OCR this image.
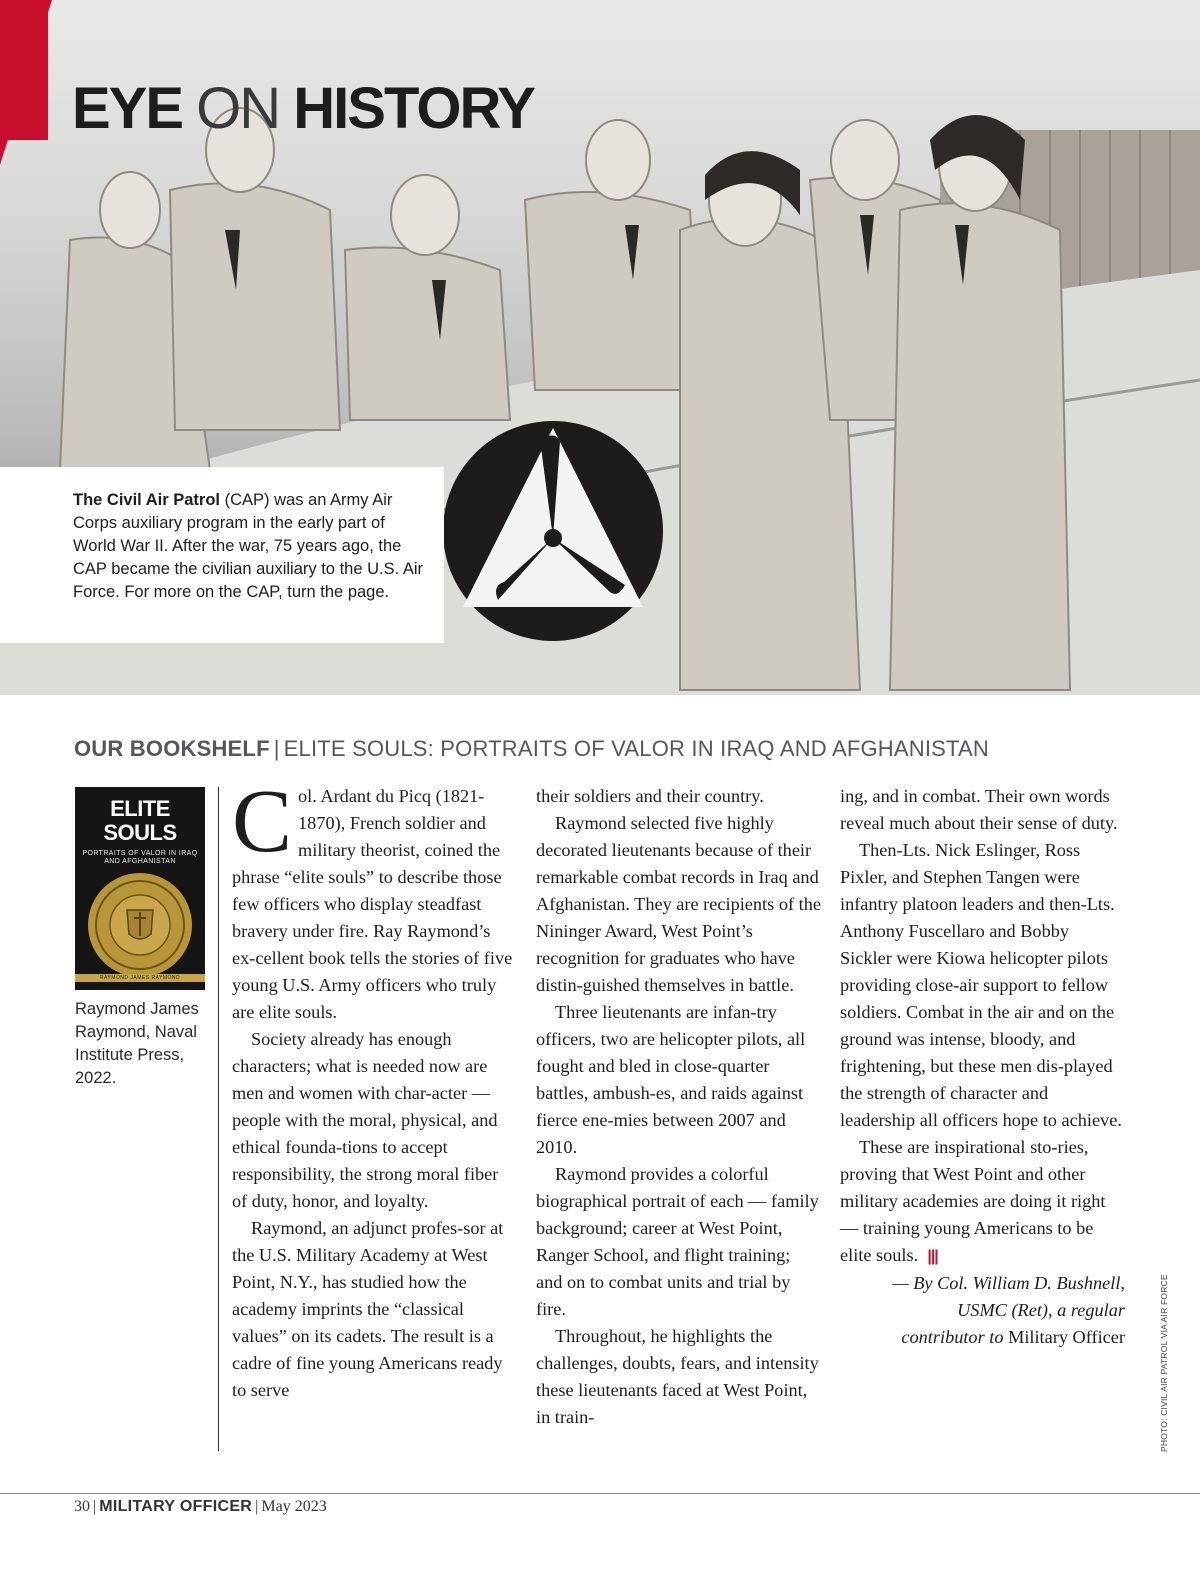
EYE ON HISTORY
The Civil Air Patrol (CAP) was an Army Air Corps auxiliary program in the early part of World War II. After the war, 75 years ago, the CAP became the civilian auxiliary to the U.S. Air Force. For more on the CAP, turn the page.
OUR BOOKSHELF | ELITE SOULS: PORTRAITS OF VALOR IN IRAQ AND AFGHANISTAN
ELITE SOULS
PORTRAITS OF VALOR IN IRAQ AND AFGHANISTAN
RAYMOND JAMES RAYMOND
Raymond James Raymond, Naval Institute Press, 2022.

Col. Ardant du Picq (1821-1870), French soldier and military theorist, coined the phrase “elite souls” to describe those few officers who display steadfast bravery under fire. Ray Raymond’s ex-cellent book tells the stories of five young U.S. Army officers who truly are elite souls.

Society already has enough characters; what is needed now are men and women with char-acter — people with the moral, physical, and ethical founda-tions to accept responsibility, the strong moral fiber of duty, honor, and loyalty.

Raymond, an adjunct profes-sor at the U.S. Military Academy at West Point, N.Y., has studied how the academy imprints the “classical values” on its cadets. The result is a cadre of fine young Americans ready to serve

their soldiers and their country.

Raymond selected five highly decorated lieutenants because of their remarkable combat records in Iraq and Afghanistan. They are recipients of the Nininger Award, West Point’s recognition for graduates who have distin-guished themselves in battle.

Three lieutenants are infan-try officers, two are helicopter pilots, all fought and bled in close-quarter battles, ambush-es, and raids against fierce ene-mies between 2007 and 2010.

Raymond provides a colorful biographical portrait of each — family background; career at West Point, Ranger School, and flight training; and on to combat units and trial by fire.

Throughout, he highlights the challenges, doubts, fears, and intensity these lieutenants faced at West Point, in train-

ing, and in combat. Their own words reveal much about their sense of duty.

Then-Lts. Nick Eslinger, Ross Pixler, and Stephen Tangen were infantry platoon leaders and then-Lts. Anthony Fuscellaro and Bobby Sickler were Kiowa helicopter pilots providing close-air support to fellow soldiers. Combat in the air and on the ground was intense, bloody, and frightening, but these men dis-played the strength of character and leadership all officers hope to achieve.

These are inspirational sto-ries, proving that West Point and other military academies are doing it right — training young Americans to be elite souls. |||

— By Col. William D. Bushnell,

USMC (Ret), a regular

contributor to Military Officer	PHOTO: CIVIL AIR PATROL VIA AIR FORCE
30 | MILITARY OFFICER | May 2023
